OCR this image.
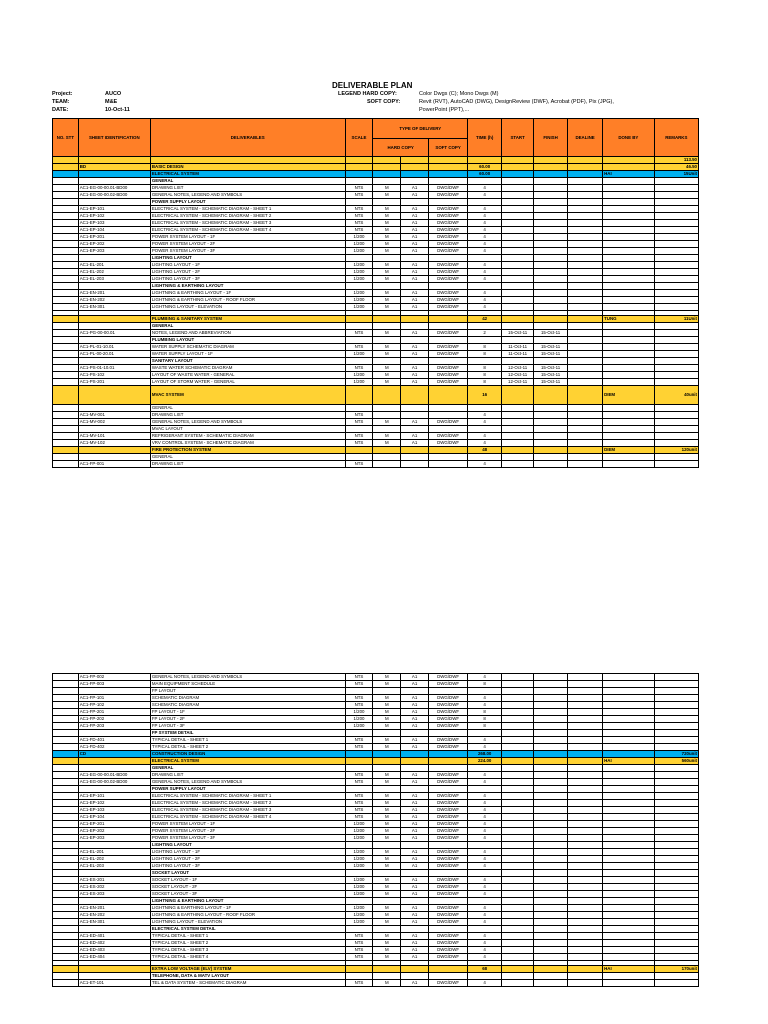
DELIVERABLE PLAN
Project:
TEAM:
DATE:
AUCO
M&E
10-Oct-11
LEGEND HARD COPY:
SOFT COPY:
Color Dwgs (C); Mono Dwgs (M)
Revit (RVT), AutoCAD (DWG), DesignReview (DWF), Acrobat (PDF), Pix (JPG),
PowerPoint (PPT),...
NO. STT	SHEET IDENTIFICATION	DELIVERABLES	SCALE	TYPE OF DELIVERY			TIME (h)	START	FINISH	DEALINE	DONE BY	REMARKS
				HARD COPY		SOFT COPY						
												113.50
	BD	BASIC DESIGN					60.00					46.50
		ELECTRICAL SYSTEM					60.00				HAI	15Unit
		GENERAL										
	AC1-EG-00-00.01-BD00	DRAWING LIST	NTS	M	A1	DWG/DWF	4					
	AC1-EG-00-00.02-BD00	GENERAL NOTES, LEGEND AND SYMBOLS	NTS	M	A1	DWG/DWF	4					
		POWER SUPPLY LAYOUT										
	AC1-EP-101	ELECTRICAL SYSTEM - SCHEMATIC DIAGRAM - SHEET 1	NTS	M	A1	DWG/DWF	4					
	AC1-EP-102	ELECTRICAL SYSTEM - SCHEMATIC DIAGRAM - SHEET 2	NTS	M	A1	DWG/DWF	4					
	AC1-EP-103	ELECTRICAL SYSTEM - SCHEMATIC DIAGRAM - SHEET 3	NTS	M	A1	DWG/DWF	4					
	AC1-EP-104	ELECTRICAL SYSTEM - SCHEMATIC DIAGRAM - SHEET 4	NTS	M	A1	DWG/DWF	4					
	AC1-EP-201	POWER SYSTEM LAYOUT - 1F	1/200	M	A1	DWG/DWF	4					
	AC1-EP-202	POWER SYSTEM LAYOUT - 2F	1/200	M	A1	DWG/DWF	4					
	AC1-EP-203	POWER SYSTEM LAYOUT - 3F	1/200	M	A1	DWG/DWF	4					
		LIGHTING LAYOUT										
	AC1-EL-201	LIGHTING LAYOUT - 1F	1/200	M	A1	DWG/DWF	4					
	AC1-EL-202	LIGHTING LAYOUT - 2F	1/200	M	A1	DWG/DWF	4					
	AC1-EL-203	LIGHTING LAYOUT - 3F	1/200	M	A1	DWG/DWF	4					
		LIGHTNING & EARTHING LAYOUT										
	AC1-EN-201	LIGHTNING & EARTHING LAYOUT - 1F	1/200	M	A1	DWG/DWF	4					
	AC1-EN-202	LIGHTNING & EARTHING LAYOUT - ROOF FLOOR	1/200	M	A1	DWG/DWF	4					
	AC1-EN-301	LIGHTNING LAYOUT - ELEVATION	1/200	M	A1	DWG/DWF	4					

		PLUMBING & SANITARY SYSTEM					42				TUNG	11Unit
		GENERAL										
	AC1-PG-00-00.01	NOTES, LEGEND AND ABBREVIATION	NTS	M	A1	DWG/DWF	2	15-Oct-11	15-Oct-11			
		PLUMBING LAYOUT										
	AC1-PL-01-10.01	WATER SUPPLY SCHEMATIC DIAGRAM	NTS	M	A1	DWG/DWF	8	11-Oct-11	15-Oct-11			
	AC1-PL-00-20.01	WATER SUPPLY LAYOUT - 1F	1/200	M	A1	DWG/DWF	8	11-Oct-11	15-Oct-11			
		SANITARY LAYOUT										
	AC1-PS-01-10.01	WASTE WATER SCHEMATIC DIAGRAM	NTS	M	A1	DWG/DWF	8	12-Oct-11	15-Oct-11			
	AC1-PS-102	LAYOUT OF WASTE WATER - GENERAL	1/200	M	A1	DWG/DWF	8	12-Oct-11	15-Oct-11			
	AC1-PS-201	LAYOUT OF STORM WATER - GENERAL	1/200	M	A1	DWG/DWF	8	12-Oct-11	15-Oct-11			
		MVAC SYSTEM					16				DIEM	40unit
		GENERAL										
	AC1-MV-001	DRAWING LIST	NTS				4					
	AC1-MV-002	GENERAL NOTES, LEGEND AND SYMBOLS	NTS	M	A1	DWG/DWF	4					
		MVAC LAYOUT										
	AC1-MV-101	REFRIGERANT SYSTEM - SCHEMATIC DIAGRAM	NTS	M	A1	DWG/DWF	4					
	AC1-MV-102	VRV CONTROL SYSTEM - SCHEMATIC DIAGRAM	NTS	M	A1	DWG/DWF	4					
		FIRE PROTECTION SYSTEM					48				DIEM	120unit
		GENERAL										
	AC1-FP-001	DRAWING LIST	NTS				4					
	AC1-FP-002	GENERAL NOTES, LEGEND AND SYMBOLS	NTS	M	A1	DWG/DWF	4					
	AC1-FP-003	MAIN EQUIPMENT SCHEDULE	NTS	M	A1	DWG/DWF	8					
		FP LAYOUT										
	AC1-FP-101	SCHEMATIC DIAGRAM	NTS	M	A1	DWG/DWF	4					
	AC1-FP-102	SCHEMATIC DIAGRAM	NTS	M	A1	DWG/DWF	4					
	AC1-FP-201	FP LAYOUT - 1F	1/200	M	A1	DWG/DWF	8					
	AC1-FP-202	FP LAYOUT - 2F	1/200	M	A1	DWG/DWF	8					
	AC1-FP-203	FP LAYOUT - 3F	1/200	M	A1	DWG/DWF	8					
		FP SYSTEM DETAIL										
	AC1-FD-401	TYPICAL DETAIL - SHEET 1	NTS	M	A1	DWG/DWF	4					
	AC1-FD-402	TYPICAL DETAIL - SHEET 2	NTS	M	A1	DWG/DWF	4					
	CD	CONSTRUCTION DESIGN					268.00					720unit
		ELECTRICAL SYSTEM					224.00				HAI	560unit
		GENERAL										
	AC1-EG-00-00.01-BD00	DRAWING LIST	NTS	M	A1	DWG/DWF	4					
	AC1-EG-00-00.02-BD00	GENERAL NOTES, LEGEND AND SYMBOLS	NTS	M	A1	DWG/DWF	4					
		POWER SUPPLY LAYOUT										
	AC1-EP-101	ELECTRICAL SYSTEM - SCHEMATIC DIAGRAM - SHEET 1	NTS	M	A1	DWG/DWF	4					
	AC1-EP-102	ELECTRICAL SYSTEM - SCHEMATIC DIAGRAM - SHEET 2	NTS	M	A1	DWG/DWF	4					
	AC1-EP-103	ELECTRICAL SYSTEM - SCHEMATIC DIAGRAM - SHEET 3	NTS	M	A1	DWG/DWF	4					
	AC1-EP-104	ELECTRICAL SYSTEM - SCHEMATIC DIAGRAM - SHEET 4	NTS	M	A1	DWG/DWF	4					
	AC1-EP-201	POWER SYSTEM LAYOUT - 1F	1/200	M	A1	DWG/DWF	4					
	AC1-EP-202	POWER SYSTEM LAYOUT - 2F	1/200	M	A1	DWG/DWF	4					
	AC1-EP-203	POWER SYSTEM LAYOUT - 3F	1/200	M	A1	DWG/DWF	4					
		LIGHTING LAYOUT										
	AC1-EL-201	LIGHTING LAYOUT - 1F	1/200	M	A1	DWG/DWF	4					
	AC1-EL-202	LIGHTING LAYOUT - 2F	1/200	M	A1	DWG/DWF	4					
	AC1-EL-203	LIGHTING LAYOUT - 3F	1/200	M	A1	DWG/DWF	4					
		SOCKET LAYOUT										
	AC1-ES-201	SOCKET LAYOUT - 1F	1/200	M	A1	DWG/DWF	4					
	AC1-ES-202	SOCKET LAYOUT - 2F	1/200	M	A1	DWG/DWF	4					
	AC1-ES-203	SOCKET LAYOUT - 3F	1/200	M	A1	DWG/DWF	4					
		LIGHTNING & EARTHING LAYOUT										
	AC1-EN-201	LIGHTNING & EARTHING LAYOUT - 1F	1/200	M	A1	DWG/DWF	4					
	AC1-EN-202	LIGHTNING & EARTHING LAYOUT - ROOF FLOOR	1/200	M	A1	DWG/DWF	4					
	AC1-EN-301	LIGHTNING LAYOUT - ELEVATION	1/200	M	A1	DWG/DWF	4					
		ELECTRICAL SYSTEM DETAIL										
	AC1-ED-401	TYPICAL DETAIL - SHEET 1	NTS	M	A1	DWG/DWF	4					
	AC1-ED-402	TYPICAL DETAIL - SHEET 2	NTS	M	A1	DWG/DWF	4					
	AC1-ED-403	TYPICAL DETAIL - SHEET 3	NTS	M	A1	DWG/DWF	4					
	AC1-ED-404	TYPICAL DETAIL - SHEET 4	NTS	M	A1	DWG/DWF	4					

		EXTRA LOW VOLTAGE (ELV) SYSTEM					68				HAI	170unit
		TELEPHONE, DATA & MATV LAYOUT										
	AC1-ET-101	TEL & DATA SYSTEM - SCHEMATIC DIAGRAM	NTS	M	A1	DWG/DWF	4					
